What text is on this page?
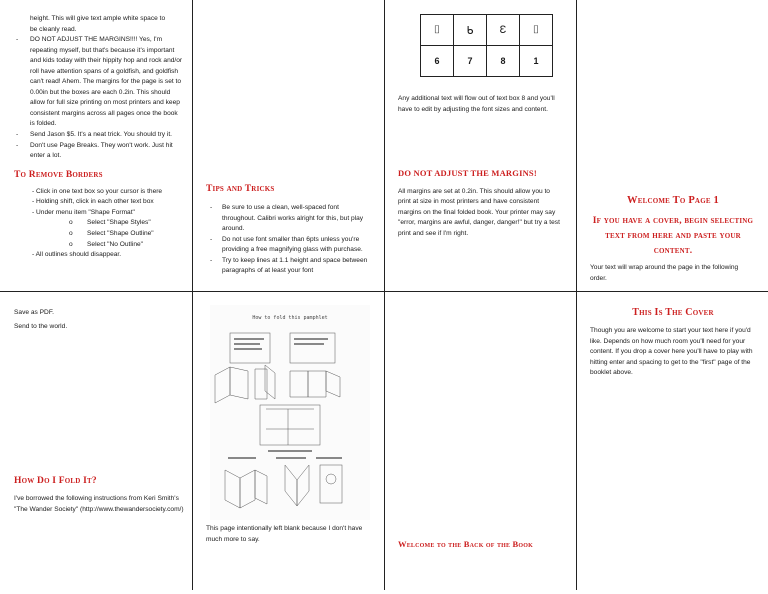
height. This will give text ample white space to
be cleanly read.
- DO NOT ADJUST THE MARGINS!!!! Yes, I'm repeating myself, but that's because it's important and kids today with their hippity hop and rock and/or roll have attention spans of a goldfish, and goldfish can't read! Ahem. The margins for the page is set to 0.00in but the boxes are each 0.2in. This should allow for full size printing on most printers and keep consistent margins across all pages once the book is folded.
- Send Jason $5. It's a neat trick. You should try it.
- Don't use Page Breaks. They won't work. Just hit enter a lot.
To Remove Borders
- Click in one text box so your cursor is there
- Holding shift, click in each other text box
- Under menu item "Shape Format"
o Select "Shape Styles"
o Select "Shape Outline"
o Select "No Outline"
- All outlines should disappear.
Tips and Tricks
- Be sure to use a clean, well-spaced font throughout. Calibri works alright for this, but play around.
- Do not use font smaller than 6pts unless you're providing a free magnifying glass with purchase.
- Try to keep lines at 1.1 height and space between paragraphs of at least your font
⌷	ᑲ	Ɛ	⌷
6	7	8	1
Any additional text will flow out of text box 8 and you'll have to edit by adjusting the font sizes and content.
DO NOT ADJUST THE MARGINS!
All margins are set at 0.2in. This should allow you to print at size in most printers and have consistent margins on the final folded book. Your printer may say "error, margins are awful, danger, danger!" but try a test print and see if I'm right.
Welcome To Page 1
If you have a cover, begin selecting text from here and paste your content.
Your text will wrap around the page in the following order.
Save as PDF.
Send to the world.
How Do I Fold It?
I've borrowed the following instructions from Keri Smith's "The Wander Society" (http://www.thewandersociety.com/)
How to fold this pamphlet
This page intentionally left blank because I don't have much more to say.	Welcome to the Back of the Book
This Is The Cover
Though you are welcome to start your text here if you'd like. Depends on how much room you'll need for your content. If you drop a cover here you'll have to play with hitting enter and spacing to get to the "first" page of the booklet above.
